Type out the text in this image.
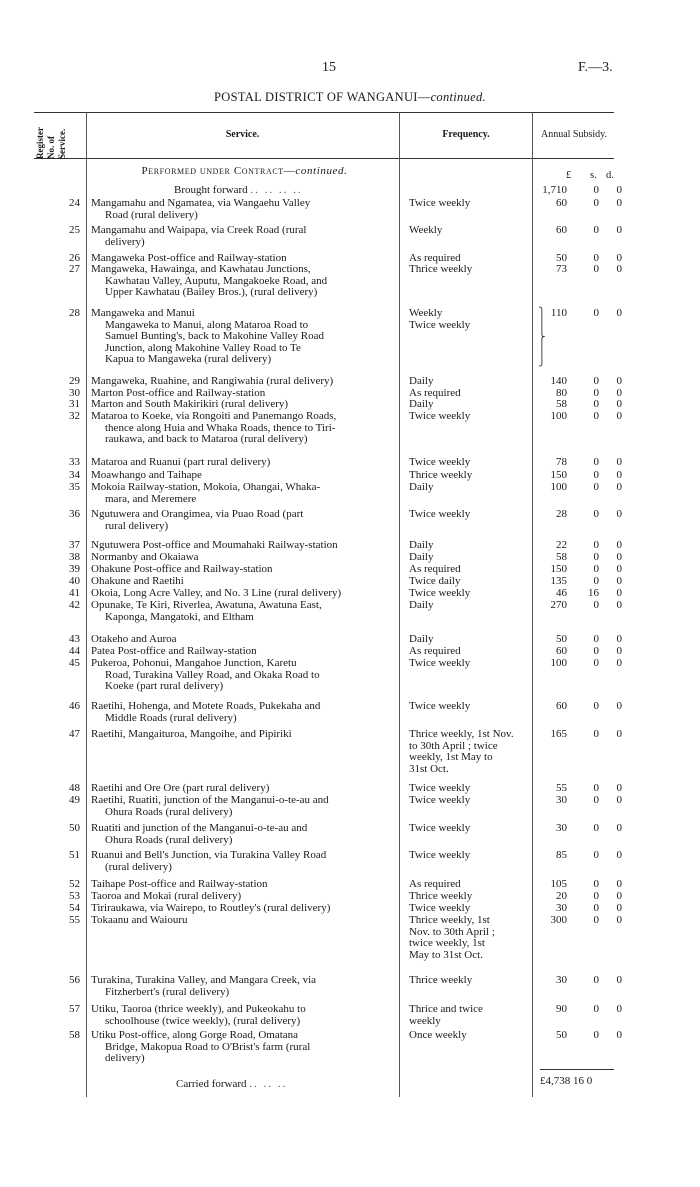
15	F.—3.
POSTAL DISTRICT OF WANGANUI—continued.
Register No. of Service.	Service.	Frequency.	Annual Subsidy.
Performed under Contract—continued.	£ s. d.
Brought forward .. .. .. ..	1,710	0	0
24 Mangamahu and Ngamatea, via Wangaehu Valley
Road (rural delivery)
Twice weekly	60	0	0
25 Mangamahu and Waipapa, via Creek Road (rural
delivery)
Weekly	60	0	0
26 Mangaweka Post-office and Railway-station	As required	50	0	0
27 Mangaweka, Hawainga, and Kawhatau Junctions,
Kawhatau Valley, Auputu, Mangakoeke Road, and
Upper Kawhatau (Bailey Bros.), (rural delivery)
Thrice weekly	73	0	0
28 Mangaweka and Manui
Mangaweka to Manui, along Mataroa Road to
Samuel Bunting's, back to Makohine Valley Road
Junction, along Makohine Valley Road to Te
Kapua to Mangaweka (rural delivery)
Weekly
Twice weekly
110	0	0
29 Mangaweka, Ruahine, and Rangiwahia (rural delivery)	Daily	140	0	0
30 Marton Post-office and Railway-station	As required	80	0	0
31 Marton and South Makirikiri (rural delivery)	Daily	58	0	0
32 Mataroa to Koeke, via Rongoiti and Panemango Roads,
thence along Huia and Whaka Roads, thence to Tiri-
raukawa, and back to Mataroa (rural delivery)
Twice weekly	100	0	0
33 Mataroa and Ruanui (part rural delivery)	Twice weekly	78	0	0
34 Moawhango and Taihape	Thrice weekly	150	0	0
35 Mokoia Railway-station, Mokoia, Ohangai, Whaka-
mara, and Meremere
Daily	100	0	0
36 Ngutuwera and Orangimea, via Puao Road (part
rural delivery)
Twice weekly	28	0	0
37 Ngutuwera Post-office and Moumahaki Railway-station	Daily	22	0	0
38 Normanby and Okaiawa	Daily	58	0	0
39 Ohakune Post-office and Railway-station	As required	150	0	0
40 Ohakune and Raetihi	Twice daily	135	0	0
41 Okoia, Long Acre Valley, and No. 3 Line (rural delivery)	Twice weekly	46	16	0
42 Opunake, Te Kiri, Riverlea, Awatuna, Awatuna East,
Kaponga, Mangatoki, and Eltham
Daily	270	0	0
43 Otakeho and Auroa	Daily	50	0	0
44 Patea Post-office and Railway-station	As required	60	0	0
45 Pukeroa, Pohonui, Mangahoe Junction, Karetu
Road, Turakina Valley Road, and Okaka Road to
Koeke (part rural delivery)
Twice weekly	100	0	0
46 Raetihi, Hohenga, and Motete Roads, Pukekaha and
Middle Roads (rural delivery)
Twice weekly	60	0	0
47 Raetihi, Mangaituroa, Mangoihe, and Pipiriki	Thrice weekly, 1st Nov.
to 30th April ; twice
weekly, 1st May to
31st Oct.
165	0	0
48 Raetihi and Ore Ore (part rural delivery)	Twice weekly	55	0	0
49 Raetihi, Ruatiti, junction of the Manganui-o-te-au and
Ohura Roads (rural delivery)
Twice weekly	30	0	0
50 Ruatiti and junction of the Manganui-o-te-au and
Ohura Roads (rural delivery)
Twice weekly	30	0	0
51 Ruanui and Bell's Junction, via Turakina Valley Road
(rural delivery)
Twice weekly	85	0	0
52 Taihape Post-office and Railway-station	As required	105	0	0
53 Taoroa and Mokai (rural delivery)	Thrice weekly	20	0	0
54 Tiriraukawa, via Wairepo, to Routley's (rural delivery)	Twice weekly	30	0	0
55 Tokaanu and Waiouru	Thrice weekly, 1st
Nov. to 30th April ;
twice weekly, 1st
May to 31st Oct.
300	0	0
56 Turakina, Turakina Valley, and Mangara Creek, via
Fitzherbert's (rural delivery)
Thrice weekly	30	0	0
57 Utiku, Taoroa (thrice weekly), and Pukeokahu to
schoolhouse (twice weekly), (rural delivery)
Thrice and twice
weekly
90	0	0
58 Utiku Post-office, along Gorge Road, Omatana
Bridge, Makopua Road to O'Brist's farm (rural
delivery)
Once weekly	50	0	0
⎫
⎪
⎬
⎪
⎭
Carried forward .. .. ..	£4,738 16 0
